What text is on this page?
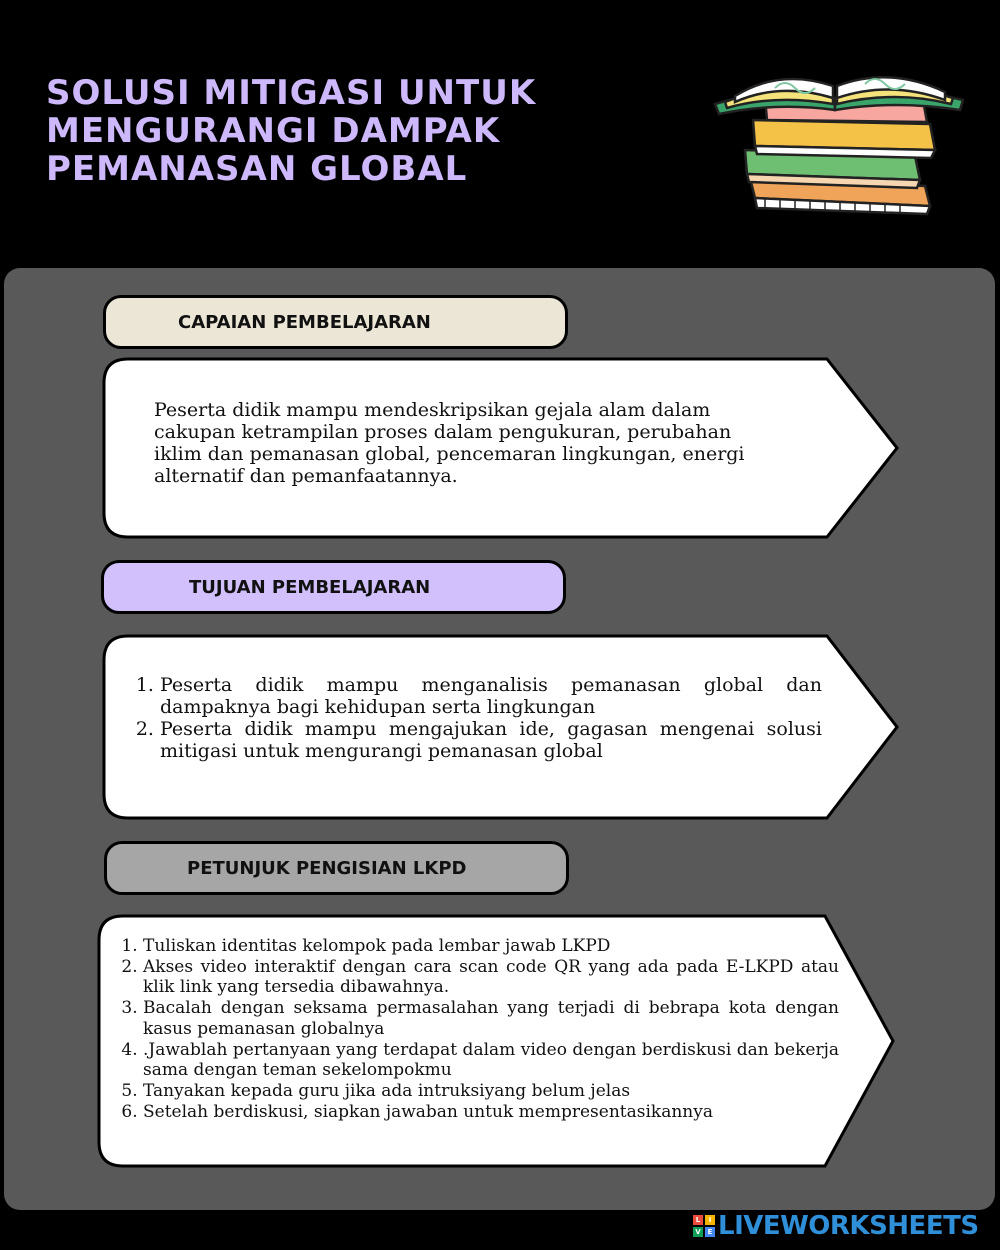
SOLUSI MITIGASI UNTUK MENGURANGI DAMPAK PEMANASAN GLOBAL
CAPAIAN PEMBELAJARAN
Peserta didik mampu mendeskripsikan gejala alam dalam cakupan ketrampilan proses dalam pengukuran, perubahan iklim dan pemanasan global, pencemaran lingkungan, energi alternatif dan pemanfaatannya.
TUJUAN PEMBELAJARAN
1. Peserta didik mampu menganalisis pemanasan global dan dampaknya bagi kehidupan serta lingkungan
2. Peserta didik mampu mengajukan ide, gagasan mengenai solusi mitigasi untuk mengurangi pemanasan global
PETUNJUK PENGISIAN LKPD
1. Tuliskan identitas kelompok pada lembar jawab LKPD
2. Akses video interaktif dengan cara scan code QR yang ada pada E-LKPD atau klik link yang tersedia dibawahnya.
3. Bacalah dengan seksama permasalahan yang terjadi di bebrapa kota dengan kasus pemanasan globalnya
4. .Jawablah pertanyaan yang terdapat dalam video dengan berdiskusi dan bekerja sama dengan teman sekelompokmu
5. Tanyakan kepada guru jika ada intruksiyang belum jelas
6. Setelah berdiskusi, siapkan jawaban untuk mempresentasikannya
L	I
V E LIVEWORKSHEETS
